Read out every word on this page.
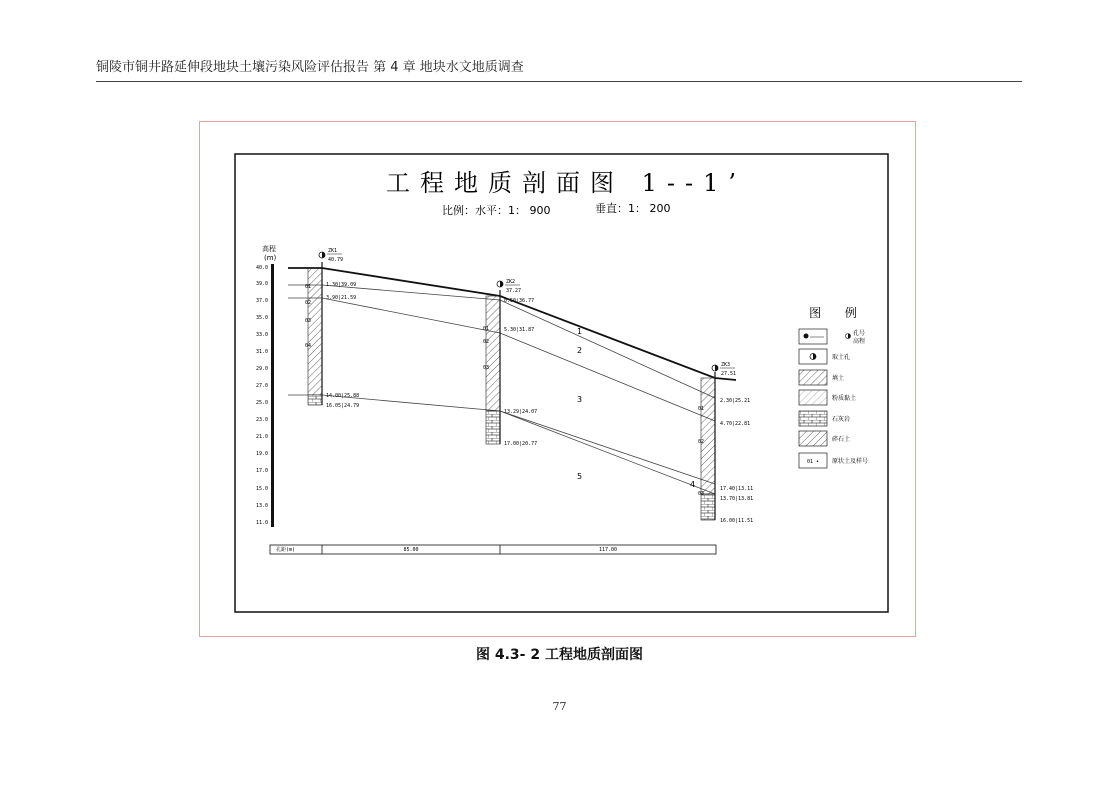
铜陵市铜井路延伸段地块土壤污染风险评估报告 第 4 章 地块水文地质调查
工程地质剖面图 1--1’
比例：水平：1： 900	垂直：1： 200
高程
(m)
40.0
39.0
37.0
35.0
33.0
31.0
29.0
27.0
25.0
23.0
21.0
19.0
17.0
15.0
13.0
11.0
ZK1
40.79
ZK2
37.27
ZK3
27.51
1.30|39.09
3.90|21.59
14.00|25.88
16.05|24.79
0.50|36.77
5.30|31.87
13.29|24.07
17.00|20.77
2.30|25.21
4.70|22.81
17.40|13.11
13.70|13.81
16.00|11.51
01
02
03
04
01
02
03
01
02
03
1
2
3
5
4
孔距(m)	85.00	117.00
图 例
孔号
高程
取土孔
填土
粉质黏土
石灰岩
碎石土
01 • 原状土及样号
图 4.3- 2 工程地质剖面图
77
